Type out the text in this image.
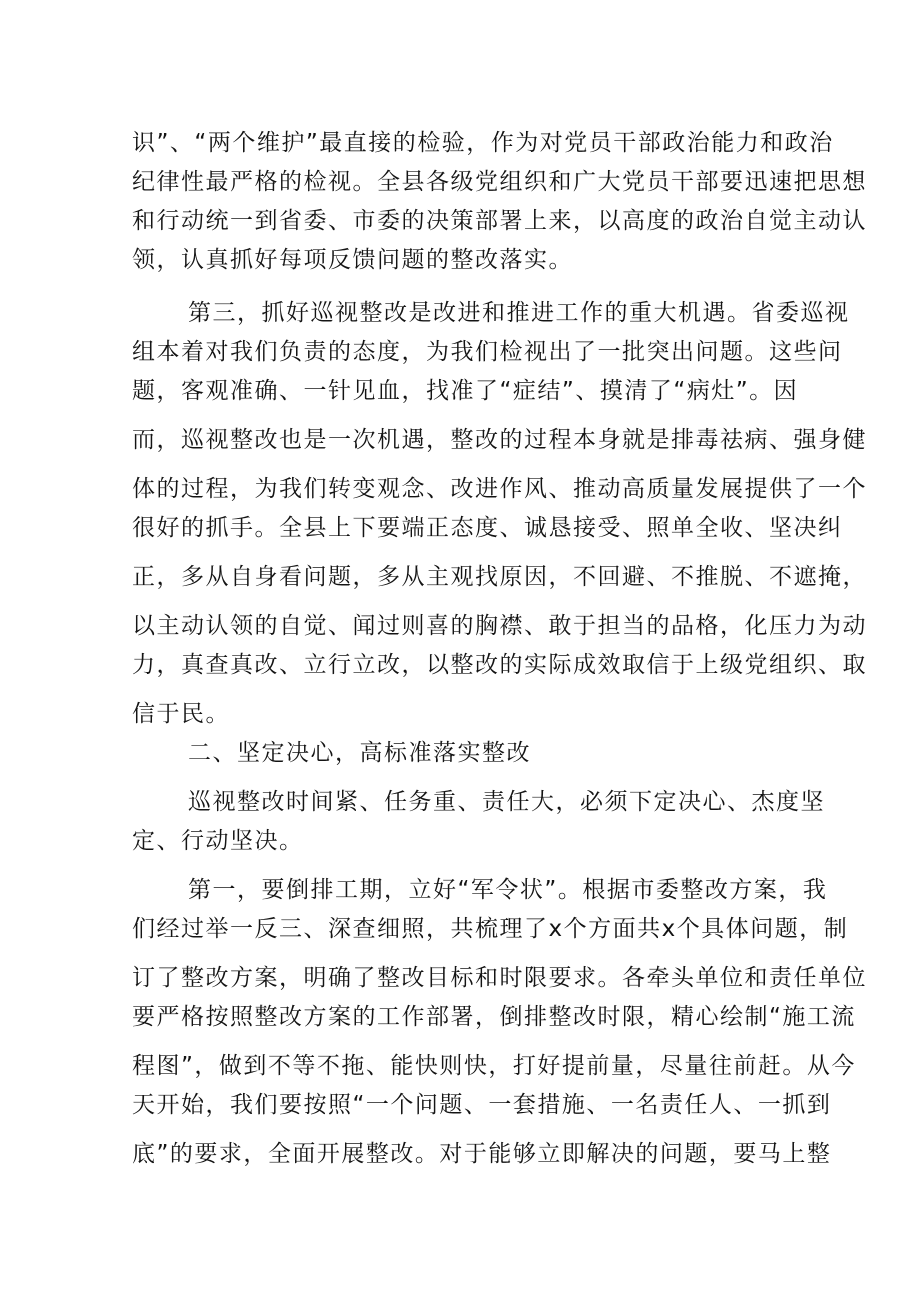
识”、“两个维护”最直接的检验，作为对党员干部政治能力和政治
纪律性最严格的检视。全县各级党组织和广大党员干部要迅速把思想
和行动统一到省委、市委的决策部署上来，以高度的政治自觉主动认
领，认真抓好每项反馈问题的整改落实。
第三，抓好巡视整改是改进和推进工作的重大机遇。省委巡视
组本着对我们负责的态度，为我们检视出了一批突出问题。这些问
题，客观准确、一针见血，找准了“症结”、摸清了“病灶”。因
而，巡视整改也是一次机遇，整改的过程本身就是排毒祛病、强身健
体的过程，为我们转变观念、改进作风、推动高质量发展提供了一个
很好的抓手。全县上下要端正态度、诚恳接受、照单全收、坚决纠
正，多从自身看问题，多从主观找原因，不回避、不推脱、不遮掩，
以主动认领的自觉、闻过则喜的胸襟、敢于担当的品格，化压力为动
力，真查真改、立行立改，以整改的实际成效取信于上级党组织、取
信于民。
二、坚定决心，高标准落实整改
巡视整改时间紧、任务重、责任大，必须下定决心、杰度坚
定、行动坚决。
第一，要倒排工期，立好“军令状”。根据市委整改方案，我
们经过举一反三、深查细照，共梳理了x个方面共x个具体问题，制
订了整改方案，明确了整改目标和时限要求。各牵头单位和责任单位
要严格按照整改方案的工作部署，倒排整改时限，精心绘制“施工流
程图”，做到不等不拖、能快则快，打好提前量，尽量往前赶。从今
天开始，我们要按照“一个问题、一套措施、一名责任人、一抓到
底”的要求，全面开展整改。对于能够立即解决的问题，要马上整
